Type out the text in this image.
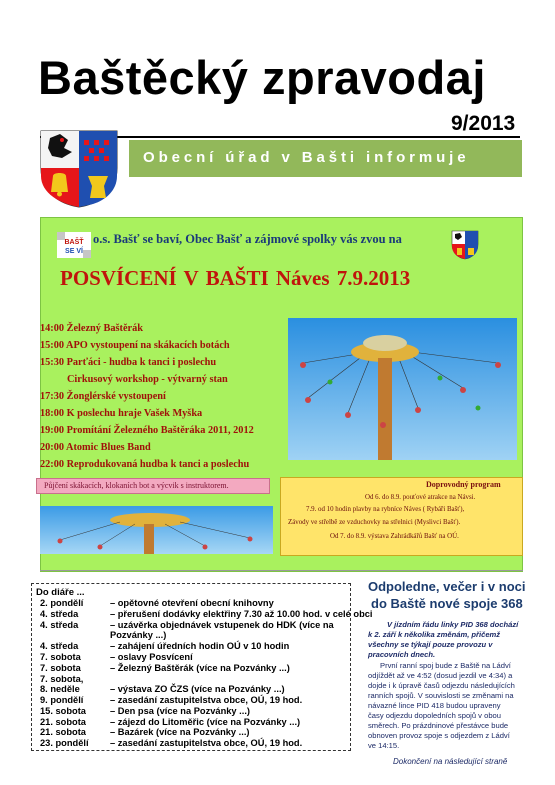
Baštěcký zpravodaj
9/2013
Obecní úřad v Bašti informuje
BAŠŤ
SE VÍ
o.s. Bašť se baví, Obec Bašť a zájmové spolky vás zvou na
POSVÍCENÍ V BAŠTI Náves 7.9.2013
14:00 Železný Baštěrák
15:00 APO vystoupení na skákacích botách
15:30 Parťáci - hudba k tanci i poslechu
Cirkusový workshop - výtvarný stan
17:30 Žonglérské vystoupení
18:00 K poslechu hraje Vašek Myška
19:00 Promítání Železného Baštěráka 2011, 2012
20:00 Atomic Blues Band
22:00 Reprodukovaná hudba k tanci a poslechu
Půjčení skákacích, klokaních bot a výcvik s instruktorem.	Doprovodný program
Od 6. do 8.9. pouťové atrakce na Návsi.
7.9. od 10 hodin plavby na rybníce Náves ( Rybáři Bašť),
Závody ve střelbě ze vzduchovky na střelnici (Myslivci Bašť).
Od 7. do 8.9. výstava Zahrádkářů Bašť na OÚ.
Do diáře ...
2. pondělí	– opětovné otevření obecní knihovny
4. středa	– přerušení dodávky elektřiny 7.30 až 10.00 hod. v celé obci
4. středa	– uzávěrka objednávek vstupenek do HDK (více na
Pozvánky ...)
4. středa	– zahájení úředních hodin OÚ v 10 hodin
7. sobota	– oslavy Posvícení
7. sobota	– Železný Baštěrák (více na Pozvánky ...)
7. sobota,
8. neděle	– výstava ZO ČZS (více na Pozvánky ...)
9. pondělí	– zasedání zastupitelstva obce, OÚ, 19 hod.
15. sobota	– Den psa (více na Pozvánky ...)
21. sobota	– zájezd do Litoměřic (více na Pozvánky ...)
21. sobota	– Bazárek (více na Pozvánky ...)
23. pondělí – zasedání zastupitelstva obce, OÚ, 19 hod.
Odpoledne, večer i v noci
do Baště nové spoje 368
V jízdním řádu linky PID 368 dochází
k 2. září k několika změnám, přičemž
všechny se týkají pouze provozu v
pracovních dnech.
První ranní spoj bude z Baště na Ládví
odjíždět až ve 4:52 (dosud jezdil ve 4:34) a
dojde i k úpravě časů odjezdu následujících
ranních spojů. V souvislosti se změnami na
návazné lince PID 418 budou upraveny
časy odjezdu dopoledních spojů v obou
směrech. Po prázdninové přestávce bude
obnoven provoz spoje s odjezdem z Ládví
ve 14:15.
Dokončení na následující straně
